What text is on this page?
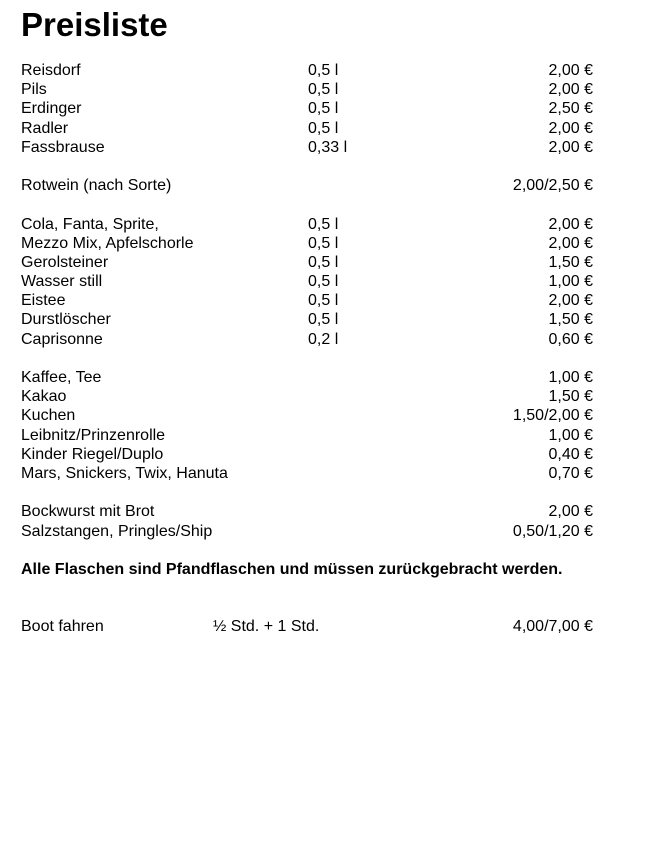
Preisliste
Reisdorf	0,5 l	2,00 €
Pils	0,5 l	2,00 €
Erdinger	0,5 l	2,50 €
Radler	0,5 l	2,00 €
Fassbrause	0,33 l	2,00 €
Rotwein (nach Sorte)	2,00/2,50 €
Cola, Fanta, Sprite,	0,5 l	2,00 €
Mezzo Mix, Apfelschorle	0,5 l	2,00 €
Gerolsteiner	0,5 l	1,50 €
Wasser still	0,5 l	1,00 €
Eistee	0,5 l	2,00 €
Durstlöscher	0,5 l	1,50 €
Caprisonne	0,2 l	0,60 €
Kaffee, Tee	1,00 €
Kakao	1,50 €
Kuchen	1,50/2,00 €
Leibnitz/Prinzenrolle	1,00 €
Kinder Riegel/Duplo	0,40 €
Mars, Snickers, Twix, Hanuta	0,70 €
Bockwurst mit Brot	2,00 €
Salzstangen, Pringles/Ship	0,50/1,20 €
Alle Flaschen sind Pfandflaschen und müssen zurückgebracht werden.
Boot fahren	½ Std. + 1 Std.	4,00/7,00 €
